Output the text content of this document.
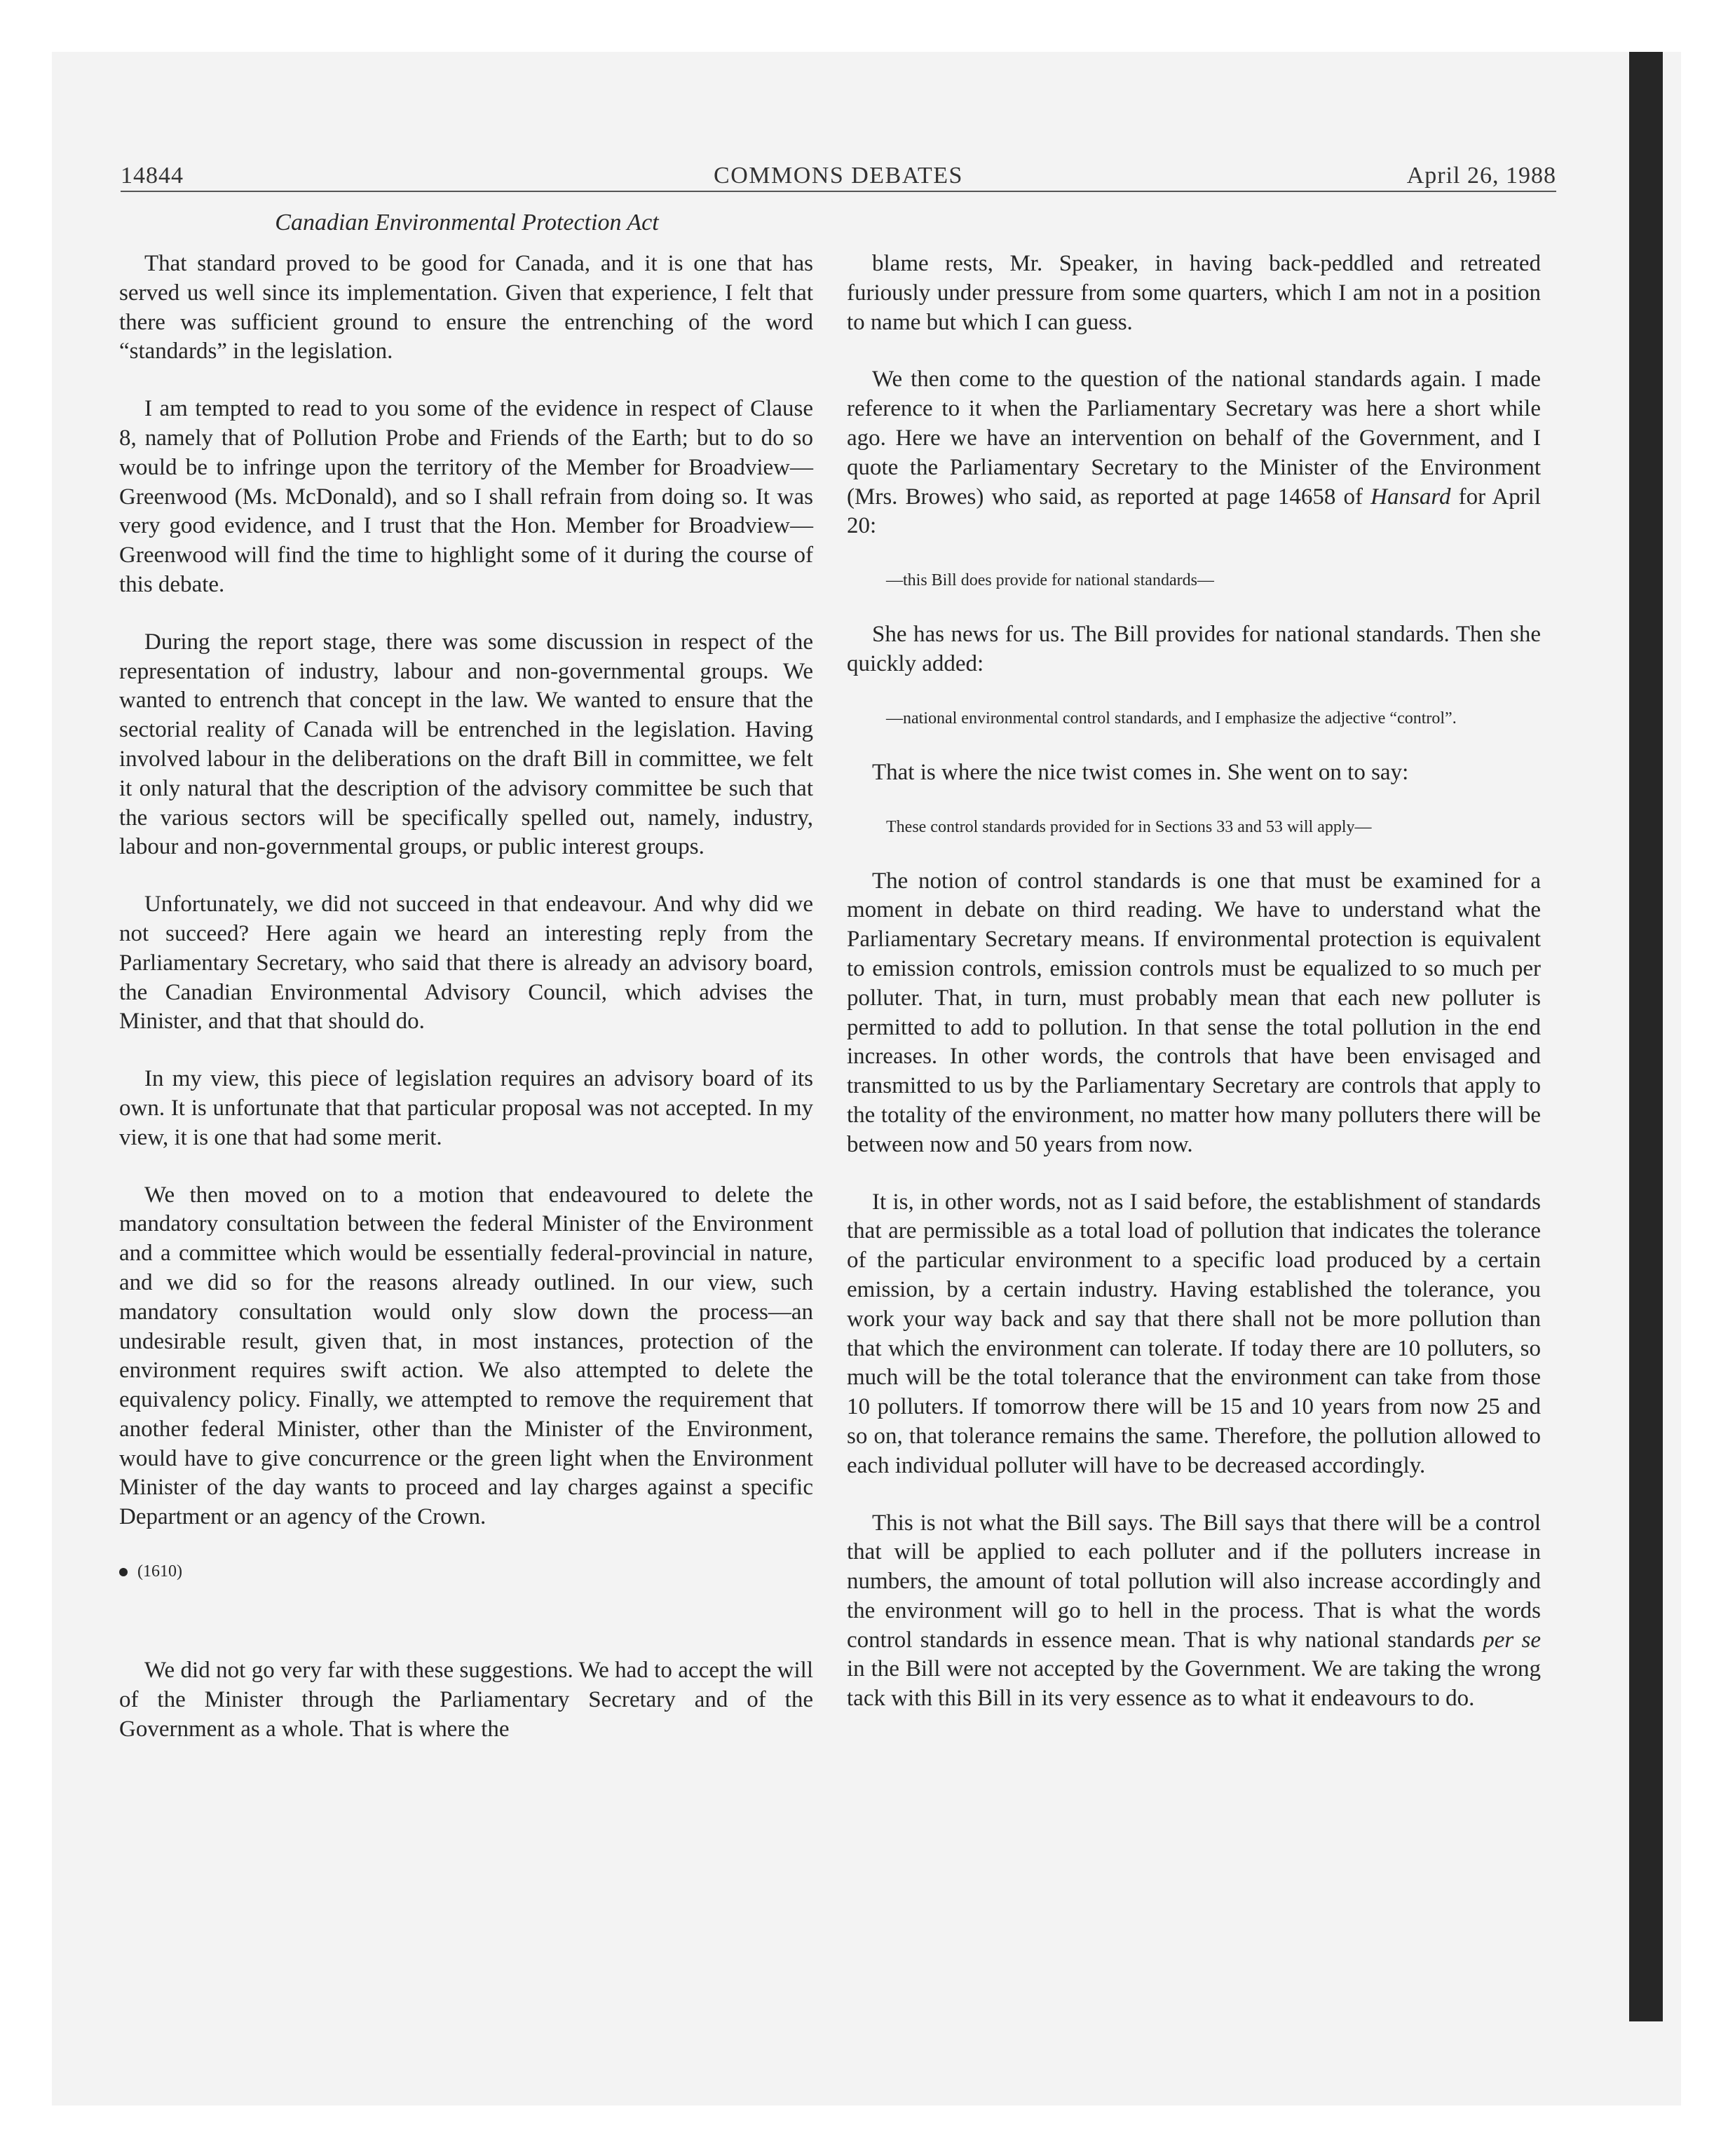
14844	COMMONS DEBATES	April 26, 1988
Canadian Environmental Protection Act

That standard proved to be good for Canada, and it is one that has served us well since its implementation. Given that experience, I felt that there was sufficient ground to ensure the entrenching of the word “standards” in the legislation.

I am tempted to read to you some of the evidence in respect of Clause 8, namely that of Pollution Probe and Friends of the Earth; but to do so would be to infringe upon the territory of the Member for Broadview—Greenwood (Ms. McDonald), and so I shall refrain from doing so. It was very good evidence, and I trust that the Hon. Member for Broadview—Greenwood will find the time to highlight some of it during the course of this debate.

During the report stage, there was some discussion in respect of the representation of industry, labour and non-governmental groups. We wanted to entrench that concept in the law. We wanted to ensure that the sectorial reality of Canada will be entrenched in the legislation. Having involved labour in the deliberations on the draft Bill in committee, we felt it only natural that the description of the advisory committee be such that the various sectors will be specifically spelled out, namely, industry, labour and non-governmental groups, or public interest groups.

Unfortunately, we did not succeed in that endeavour. And why did we not succeed? Here again we heard an interesting reply from the Parliamentary Secretary, who said that there is already an advisory board, the Canadian Environmental Advisory Council, which advises the Minister, and that that should do.

In my view, this piece of legislation requires an advisory board of its own. It is unfortunate that that particular proposal was not accepted. In my view, it is one that had some merit.

We then moved on to a motion that endeavoured to delete the mandatory consultation between the federal Minister of the Environment and a committee which would be essentially federal-provincial in nature, and we did so for the reasons already outlined. In our view, such mandatory consultation would only slow down the process—an undesirable result, given that, in most instances, protection of the environment requires swift action. We also attempted to delete the equivalency policy. Finally, we attempted to remove the requirement that another federal Minister, other than the Minister of the Environment, would have to give concurrence or the green light when the Environment Minister of the day wants to proceed and lay charges against a specific Department or an agency of the Crown.

(1610)

We did not go very far with these suggestions. We had to accept the will of the Minister through the Parliamentary Secretary and of the Government as a whole. That is where the

blame rests, Mr. Speaker, in having back-peddled and retreated furiously under pressure from some quarters, which I am not in a position to name but which I can guess.

We then come to the question of the national standards again. I made reference to it when the Parliamentary Secretary was here a short while ago. Here we have an intervention on behalf of the Government, and I quote the Parliamentary Secretary to the Minister of the Environment (Mrs. Browes) who said, as reported at page 14658 of Hansard for April 20:

—this Bill does provide for national standards—

She has news for us. The Bill provides for national standards. Then she quickly added:

—national environmental control standards, and I emphasize the adjective “control”.

That is where the nice twist comes in. She went on to say:

These control standards provided for in Sections 33 and 53 will apply—

The notion of control standards is one that must be examined for a moment in debate on third reading. We have to understand what the Parliamentary Secretary means. If environmental protection is equivalent to emission controls, emission controls must be equalized to so much per polluter. That, in turn, must probably mean that each new polluter is permitted to add to pollution. In that sense the total pollution in the end increases. In other words, the controls that have been envisaged and transmitted to us by the Parliamentary Secretary are controls that apply to the totality of the environment, no matter how many polluters there will be between now and 50 years from now.

It is, in other words, not as I said before, the establishment of standards that are permissible as a total load of pollution that indicates the tolerance of the particular environment to a specific load produced by a certain emission, by a certain industry. Having established the tolerance, you work your way back and say that there shall not be more pollution than that which the environment can tolerate. If today there are 10 polluters, so much will be the total tolerance that the environment can take from those 10 polluters. If tomorrow there will be 15 and 10 years from now 25 and so on, that tolerance remains the same. Therefore, the pollution allowed to each individual polluter will have to be decreased accordingly.

This is not what the Bill says. The Bill says that there will be a control that will be applied to each polluter and if the polluters increase in numbers, the amount of total pollution will also increase accordingly and the environment will go to hell in the process. That is what the words control standards in essence mean. That is why national standards per se in the Bill were not accepted by the Government. We are taking the wrong tack with this Bill in its very essence as to what it endeavours to do.
